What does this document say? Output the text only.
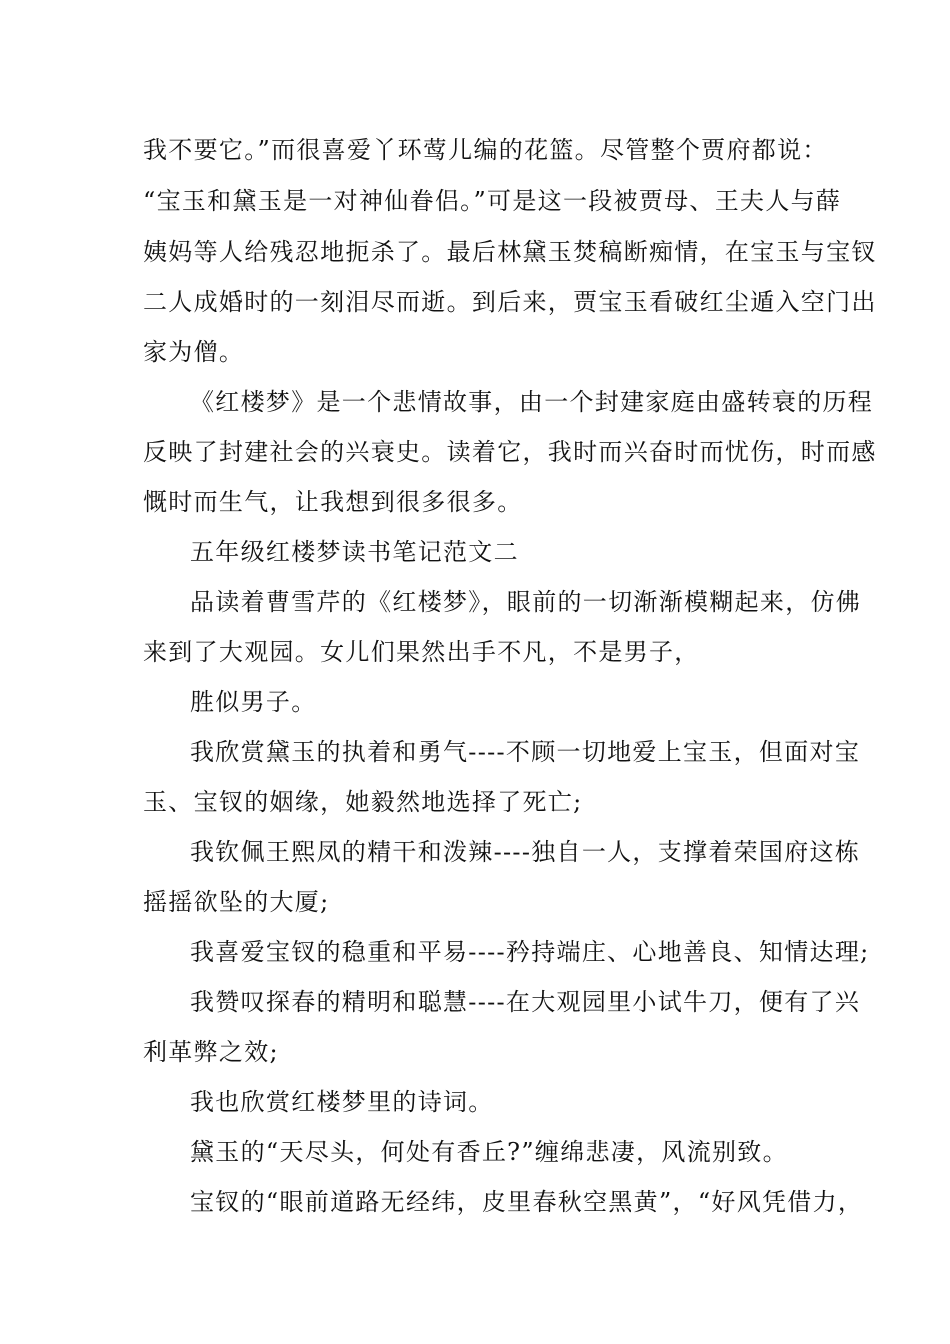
我不要它。”而很喜爱丫环莺儿编的花篮。尽管整个贾府都说：
“宝玉和黛玉是一对神仙眷侣。”可是这一段被贾母、王夫人与薛
姨妈等人给残忍地扼杀了。最后林黛玉焚稿断痴情，在宝玉与宝钗
二人成婚时的一刻泪尽而逝。到后来，贾宝玉看破红尘遁入空门出
家为僧。
《红楼梦》是一个悲情故事，由一个封建家庭由盛转衰的历程
反映了封建社会的兴衰史。读着它，我时而兴奋时而忧伤，时而感
慨时而生气，让我想到很多很多。
五年级红楼梦读书笔记范文二
品读着曹雪芹的《红楼梦》，眼前的一切渐渐模糊起来，仿佛
来到了大观园。女儿们果然出手不凡，不是男子，
胜似男子。
我欣赏黛玉的执着和勇气----不顾一切地爱上宝玉，但面对宝
玉、宝钗的姻缘，她毅然地选择了死亡;
我钦佩王熙凤的精干和泼辣----独自一人，支撑着荣国府这栋
摇摇欲坠的大厦;
我喜爱宝钗的稳重和平易----矜持端庄、心地善良、知情达理;
我赞叹探春的精明和聪慧----在大观园里小试牛刀，便有了兴
利革弊之效;
我也欣赏红楼梦里的诗词。
黛玉的“天尽头，何处有香丘?”缠绵悲凄，风流别致。
宝钗的“眼前道路无经纬，皮里春秋空黑黄”，“好风凭借力，
